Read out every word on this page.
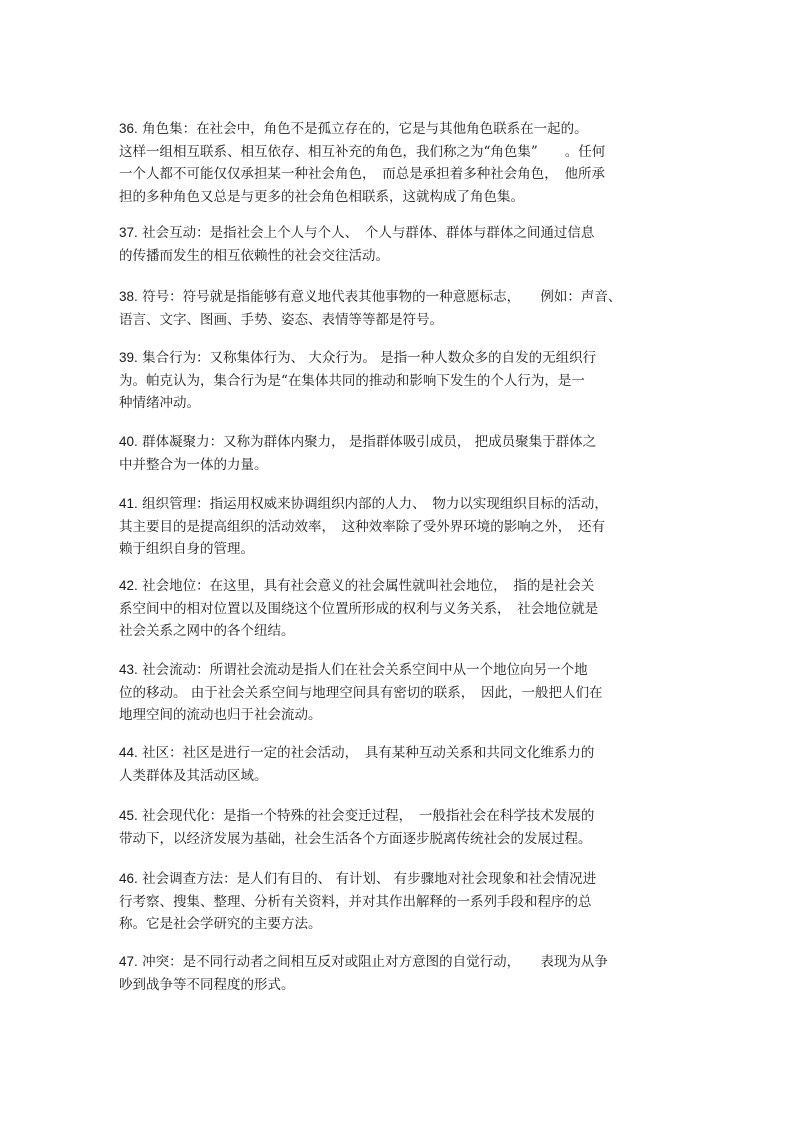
36. 角色集：在社会中，角色不是孤立存在的，它是与其他角色联系在一起的。
这样一组相互联系、相互依存、相互补充的角色，我们称之为“角色集”　　。任何
一个人都不可能仅仅承担某一种社会角色，　而总是承担着多种社会角色，　他所承
担的多种角色又总是与更多的社会角色相联系，这就构成了角色集。
37. 社会互动：是指社会上个人与个人、　个人与群体、群体与群体之间通过信息
的传播而发生的相互依赖性的社会交往活动。
38. 符号：符号就是指能够有意义地代表其他事物的一种意愿标志，　　例如：声音、
语言、文字、图画、手势、姿态、表情等等都是符号。
39. 集合行为：又称集体行为、 大众行为。 是指一种人数众多的自发的无组织行
为。帕克认为，集合行为是“在集体共同的推动和影响下发生的个人行为，是一
种情绪冲动。
40. 群体凝聚力：又称为群体内聚力， 是指群体吸引成员， 把成员聚集于群体之
中并整合为一体的力量。
41. 组织管理：指运用权威来协调组织内部的人力、　物力以实现组织目标的活动，
其主要目的是提高组织的活动效率，　这种效率除了受外界环境的影响之外，　还有
赖于组织自身的管理。
42. 社会地位：在这里，具有社会意义的社会属性就叫社会地位，　指的是社会关
系空间中的相对位置以及围绕这个位置所形成的权利与义务关系，　社会地位就是
社会关系之网中的各个纽结。
43. 社会流动：所谓社会流动是指人们在社会关系空间中从一个地位向另一个地
位的移动。 由于社会关系空间与地理空间具有密切的联系，　因此，一般把人们在
地理空间的流动也归于社会流动。
44. 社区：社区是进行一定的社会活动，　具有某种互动关系和共同文化维系力的
人类群体及其活动区域。
45. 社会现代化：是指一个特殊的社会变迁过程，　一般指社会在科学技术发展的
带动下，以经济发展为基础，社会生活各个方面逐步脱离传统社会的发展过程。
46. 社会调查方法：是人们有目的、 有计划、 有步骤地对社会现象和社会情况进
行考察、搜集、整理、分析有关资料，并对其作出解释的一系列手段和程序的总
称。它是社会学研究的主要方法。
47. 冲突：是不同行动者之间相互反对或阻止对方意图的自觉行动，　　表现为从争
吵到战争等不同程度的形式。
